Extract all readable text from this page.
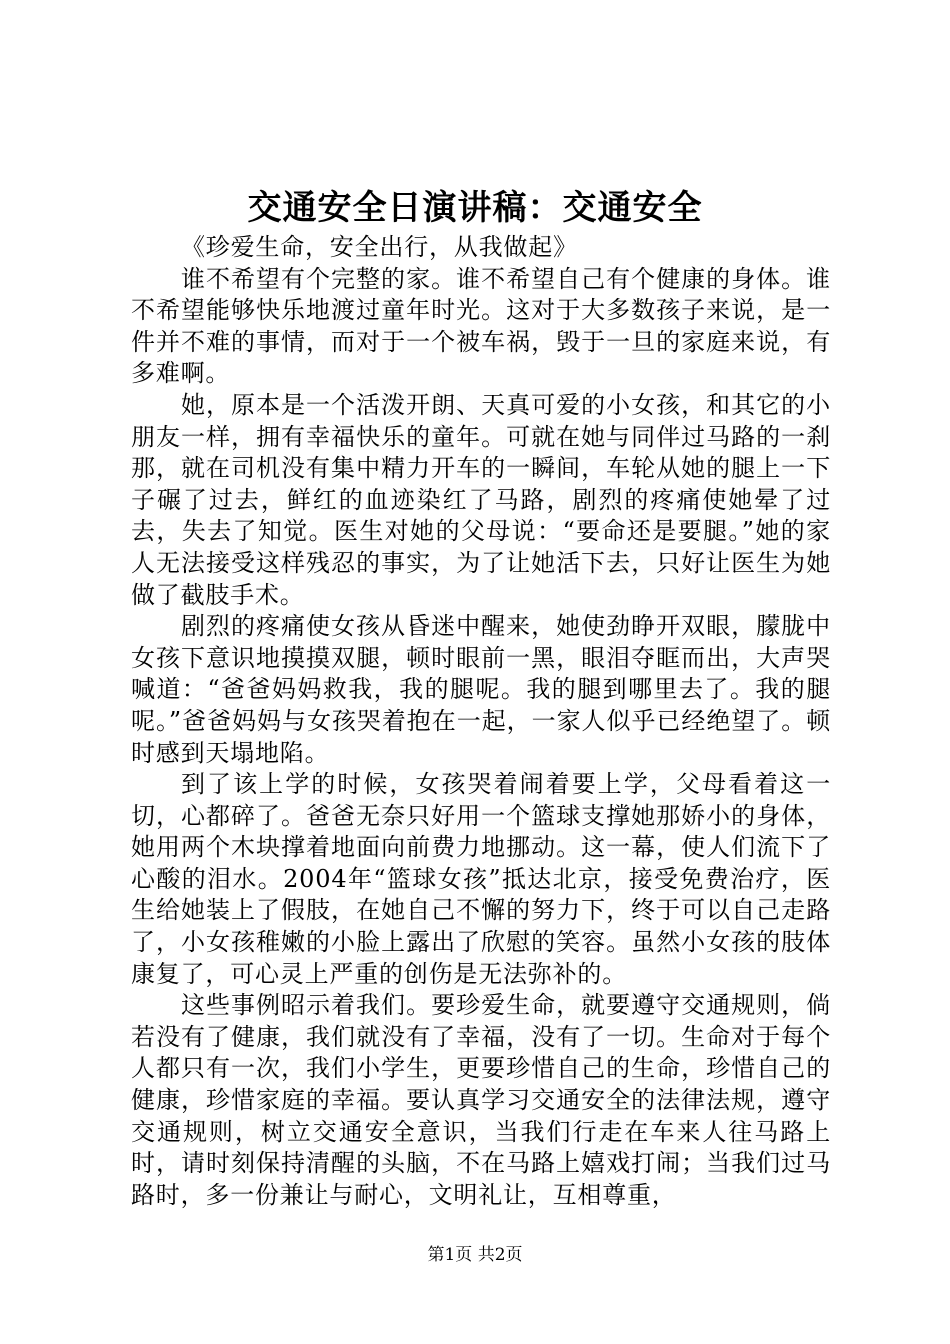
交通安全日演讲稿：交通安全

《珍爱生命，安全出行，从我做起》

谁不希望有个完整的家。谁不希望自己有个健康的身体。谁不希望能够快乐地渡过童年时光。这对于大多数孩子来说，是一件并不难的事情，而对于一个被车祸，毁于一旦的家庭来说，有多难啊。

她，原本是一个活泼开朗、天真可爱的小女孩，和其它的小朋友一样，拥有幸福快乐的童年。可就在她与同伴过马路的一刹那，就在司机没有集中精力开车的一瞬间，车轮从她的腿上一下子碾了过去，鲜红的血迹染红了马路，剧烈的疼痛使她晕了过去，失去了知觉。医生对她的父母说：“要命还是要腿。”她的家人无法接受这样残忍的事实，为了让她活下去，只好让医生为她做了截肢手术。

剧烈的疼痛使女孩从昏迷中醒来，她使劲睁开双眼，朦胧中女孩下意识地摸摸双腿，顿时眼前一黑，眼泪夺眶而出，大声哭喊道：“爸爸妈妈救我，我的腿呢。我的腿到哪里去了。我的腿呢。”爸爸妈妈与女孩哭着抱在一起，一家人似乎已经绝望了。顿时感到天塌地陷。

到了该上学的时候，女孩哭着闹着要上学，父母看着这一切，心都碎了。爸爸无奈只好用一个篮球支撑她那娇小的身体，她用两个木块撑着地面向前费力地挪动。这一幕，使人们流下了心酸的泪水。2004年“篮球女孩”抵达北京，接受免费治疗，医生给她装上了假肢，在她自己不懈的努力下，终于可以自己走路了，小女孩稚嫩的小脸上露出了欣慰的笑容。虽然小女孩的肢体康复了，可心灵上严重的创伤是无法弥补的。

这些事例昭示着我们。要珍爱生命，就要遵守交通规则，倘若没有了健康，我们就没有了幸福，没有了一切。生命对于每个人都只有一次，我们小学生，更要珍惜自己的生命，珍惜自己的健康，珍惜家庭的幸福。要认真学习交通安全的法律法规，遵守交通规则，树立交通安全意识，当我们行走在车来人往马路上时，请时刻保持清醒的头脑，不在马路上嬉戏打闹；当我们过马路时，多一份兼让与耐心，文明礼让，互相尊重，

第1页 共2页
